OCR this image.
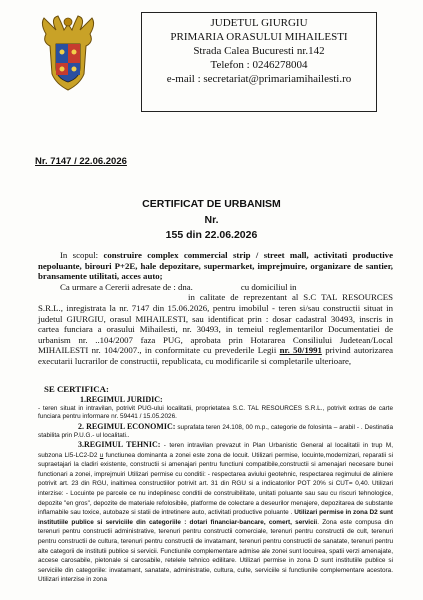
JUDETUL GIURGIU
PRIMARIA ORASULUI MIHAILESTI
Strada Calea Bucuresti nr.142
Telefon : 0246278004
e-mail : secretariat@primariamihailesti.ro
Nr. 7147 / 22.06.2026
CERTIFICAT DE URBANISM
Nr.
155 din 22.06.2026
In scopul: construire complex commercial strip / street mall, activitati productive nepoluante, birouri P+2E, hale depozitare, supermarket, imprejmuire, organizare de santier, bransamente utilitati, acces auto;
Ca urmare a Cererii adresate de : dna.	cu domiciliul in
in calitate de reprezentant al S.C TAL RESOURCES S.R.L., inregistrata la nr. 7147 din 15.06.2026, pentru imobilul - teren si/sau constructii situat in judetul GIURGIU, orasul MIHAILESTI, sau identificat prin : dosar cadastral 30493, inscris in cartea funciara a orasului Mihailesti, nr. 30493, in temeiul reglementarilor Documentatiei de urbanism nr. ..104/2007 faza PUG, aprobata prin Hotararea Consiliului Judetean/Local MIHAILESTI nr. 104/2007., in conformitate cu prevederile Legii nr. 50/1991 privind autorizarea executarii lucrarilor de constructii, republicata, cu modificarile si completarile ulterioare,
SE CERTIFICA:
1.REGIMUL JURIDIC:
- teren situat in intravilan, potrivit PUG-ului localitatii, proprietatea S.C. TAL RESOURCES S.R.L., potrivit extras de carte funciara pentru informare nr. 59441 / 15.05.2026.
2. REGIMUL ECONOMIC: suprafata teren 24.108, 00 m.p., categorie de folosinta – arabil - . Destinatia stabilita prin P.U.G.- ul localitati..
3.REGIMUL TEHNIC: - teren intravilan prevazut in Plan Urbanistic General al localitatii in trup M, subzona LI5-LC2-D2 u functiunea dominanta a zonei este zona de locuit. Utilizari permise, locuinte,modernizari, reparatii si supraetajari la cladiri existente, constructii si amenajari pentru functiuni compatibile,constructii si amenajari necesare bunei functionari a zonei, imprejmuiri Utilizari permise cu conditii: - respectarea aviului geotehnic, respectarea regimului de aliniere potrivit art. 23 din RGU, inaltimea constructiilor potrivit art. 31 din RGU si a indicatorilor POT 20% si CUT= 0,40. Utilizari interzise: - Locuinte pe parcele ce nu indeplinesc conditii de construibilitate, unitati poluante sau sau cu riscuri tehnologice, depozite "en gros", depozite de materiale refolosibile, platforme de colectare a deseurilor menajere, depozitarea de substante inflamabile sau toxice, autobaze si statii de intretinere auto, activitati productive poluante . Utilizari permise in zona D2 sunt institutiile publice si serviciile din categoriile : dotari financiar-bancare, comert, servicii. Zona este compusa din terenuri pentru constructii administrative, terenuri pentru constructii comerciale, terenuri pentru constructii de cult, terenuri pentru constructii de cultura, terenuri pentru constructii de invatamant, terenuri pentru constructii de sanatate, terenuri pentru alte categorii de institutii publice si servicii. Functiunile complementare admise ale zonei sunt locuirea, spatii verzi amenajate, accese carosabile, pietonale si carosabile, retelele tehnico edilitare. Utilizari permise in zona D sunt institutiile publice si serviciile din categoriile: invatamant, sanatate, administratie, cultura, culte, serviciile si functiunile complementare acestora. Utilizari interzise in zona
